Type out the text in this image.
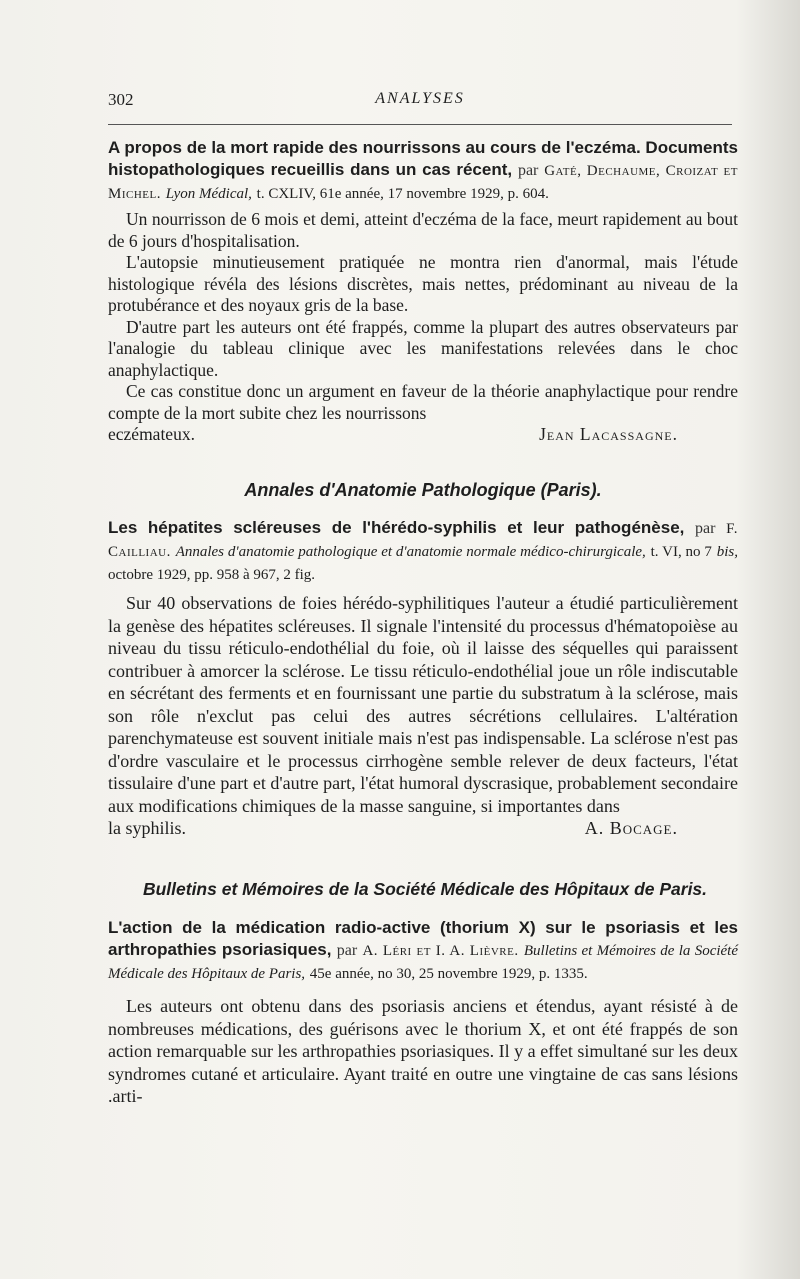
302	ANALYSES

A propos de la mort rapide des nourrissons au cours de l'eczéma. Documents histopathologiques recueillis dans un cas récent, par Gaté, Dechaume, Croizat et Michel. Lyon Médical, t. CXLIV, 61e année, 17 novembre 1929, p. 604.

Un nourrisson de 6 mois et demi, atteint d'eczéma de la face, meurt rapidement au bout de 6 jours d'hospitalisation.

L'autopsie minutieusement pratiquée ne montra rien d'anormal, mais l'étude histologique révéla des lésions discrètes, mais nettes, prédominant au niveau de la protubérance et des noyaux gris de la base.

D'autre part les auteurs ont été frappés, comme la plupart des autres observateurs par l'analogie du tableau clinique avec les manifestations relevées dans le choc anaphylactique.

Ce cas constitue donc un argument en faveur de la théorie anaphylactique pour rendre compte de la mort subite chez les nourrissons

eczémateux.	Jean Lacassagne.

Annales d'Anatomie Pathologique (Paris).

Les hépatites scléreuses de l'hérédo-syphilis et leur pathogénèse, par F. Cailliau. Annales d'anatomie pathologique et d'anatomie normale médico-chirurgicale, t. VI, no 7 bis, octobre 1929, pp. 958 à 967, 2 fig.

Sur 40 observations de foies hérédo-syphilitiques l'auteur a étudié particulièrement la genèse des hépatites scléreuses. Il signale l'intensité du processus d'hématopoièse au niveau du tissu réticulo-endothélial du foie, où il laisse des séquelles qui paraissent contribuer à amorcer la sclérose. Le tissu réticulo-endothélial joue un rôle indiscutable en sécrétant des ferments et en fournissant une partie du substratum à la sclérose, mais son rôle n'exclut pas celui des autres sécrétions cellulaires. L'altération parenchymateuse est souvent initiale mais n'est pas indispensable. La sclérose n'est pas d'ordre vasculaire et le processus cirrhogène semble relever de deux facteurs, l'état tissulaire d'une part et d'autre part, l'état humoral dyscrasique, probablement secondaire aux modifications chimiques de la masse sanguine, si importantes dans

la syphilis.	A. Bocage.

Bulletins et Mémoires de la Société Médicale des Hôpitaux de Paris.

L'action de la médication radio-active (thorium X) sur le psoriasis et les arthropathies psoriasiques, par A. Léri et I. A. Lièvre. Bulletins et Mémoires de la Société Médicale des Hôpitaux de Paris, 45e année, no 30, 25 novembre 1929, p. 1335.

Les auteurs ont obtenu dans des psoriasis anciens et étendus, ayant résisté à de nombreuses médications, des guérisons avec le thorium X, et ont été frappés de son action remarquable sur les arthropathies psoriasiques. Il y a effet simultané sur les deux syndromes cutané et articulaire. Ayant traité en outre une vingtaine de cas sans lésions .arti-
